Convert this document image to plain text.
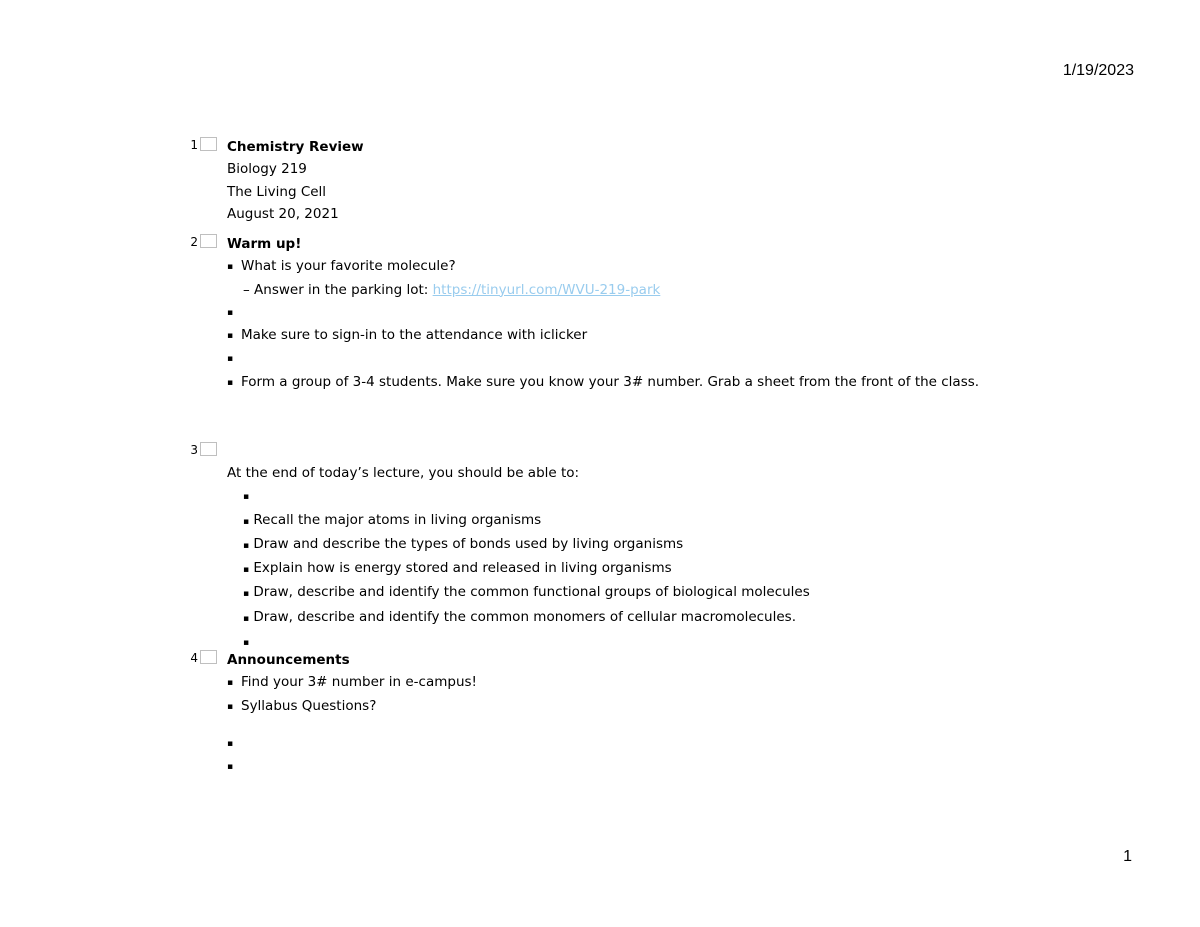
1/19/2023
1 Chemistry Review
Biology 219
The Living Cell
August 20, 2021
2 Warm up!
▪ What is your favorite molecule?
– Answer in the parking lot: https://tinyurl.com/WVU-219-park
▪
▪ Make sure to sign-in to the attendance with iclicker
▪
▪ Form a group of 3-4 students. Make sure you know your 3# number. Grab a sheet from the front of the class.
3
At the end of today’s lecture, you should be able to:
▪
▪ Recall the major atoms in living organisms
▪ Draw and describe the types of bonds used by living organisms
▪ Explain how is energy stored and released in living organisms
▪ Draw, describe and identify the common functional groups of biological molecules
▪ Draw, describe and identify the common monomers of cellular macromolecules.
▪
4 Announcements
▪ Find your 3# number in e-campus!
▪ Syllabus Questions?
▪
▪
1
